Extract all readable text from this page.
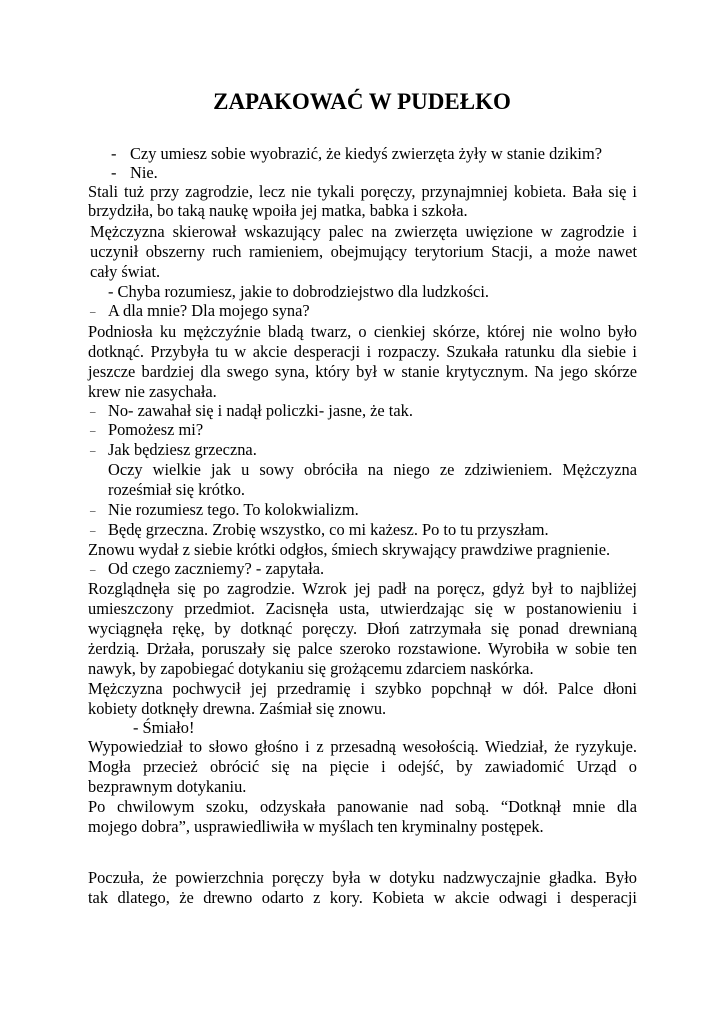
ZAPAKOWAĆ W PUDEŁKO
- Czy umiesz sobie wyobrazić, że kiedyś zwierzęta żyły w stanie dzikim?
- Nie.
Stali tuż przy zagrodzie, lecz nie tykali poręczy, przynajmniej kobieta. Bała się i
brzydziła, bo taką naukę wpoiła jej matka, babka i szkoła.
Mężczyzna skierował wskazujący palec na zwierzęta uwięzione w zagrodzie i
uczynił obszerny ruch ramieniem, obejmujący terytorium Stacji, a może nawet
cały świat.
- Chyba rozumiesz, jakie to dobrodziejstwo dla ludzkości.
– A dla mnie? Dla mojego syna?
Podniosła ku mężczyźnie bladą twarz, o cienkiej skórze, której nie wolno było
dotknąć. Przybyła tu w akcie desperacji i rozpaczy. Szukała ratunku dla siebie i
jeszcze bardziej dla swego syna, który był w stanie krytycznym. Na jego skórze
krew nie zasychała.
– No- zawahał się i nadął policzki- jasne, że tak.
– Pomożesz mi?
– Jak będziesz grzeczna.
Oczy wielkie jak u sowy obróciła na niego ze zdziwieniem. Mężczyzna
roześmiał się krótko.
– Nie rozumiesz tego. To kolokwializm.
– Będę grzeczna. Zrobię wszystko, co mi każesz. Po to tu przyszłam.
Znowu wydał z siebie krótki odgłos, śmiech skrywający prawdziwe pragnienie.
– Od czego zaczniemy? - zapytała.
Rozglądnęła się po zagrodzie. Wzrok jej padł na poręcz, gdyż był to najbliżej
umieszczony przedmiot. Zacisnęła usta, utwierdzając się w postanowieniu i
wyciągnęła rękę, by dotknąć poręczy. Dłoń zatrzymała się ponad drewnianą
żerdzią. Drżała, poruszały się palce szeroko rozstawione. Wyrobiła w sobie ten
nawyk, by zapobiegać dotykaniu się grożącemu zdarciem naskórka.
Mężczyzna pochwycił jej przedramię i szybko popchnął w dół. Palce dłoni
kobiety dotknęły drewna. Zaśmiał się znowu.
- Śmiało!
Wypowiedział to słowo głośno i z przesadną wesołością. Wiedział, że ryzykuje.
Mogła przecież obrócić się na pięcie i odejść, by zawiadomić Urząd o
bezprawnym dotykaniu.
Po chwilowym szoku, odzyskała panowanie nad sobą. “Dotknął mnie dla
mojego dobra”, usprawiedliwiła w myślach ten kryminalny postępek.
Poczuła, że powierzchnia poręczy była w dotyku nadzwyczajnie gładka. Było
tak dlatego, że drewno odarto z kory. Kobieta w akcie odwagi i desperacji
